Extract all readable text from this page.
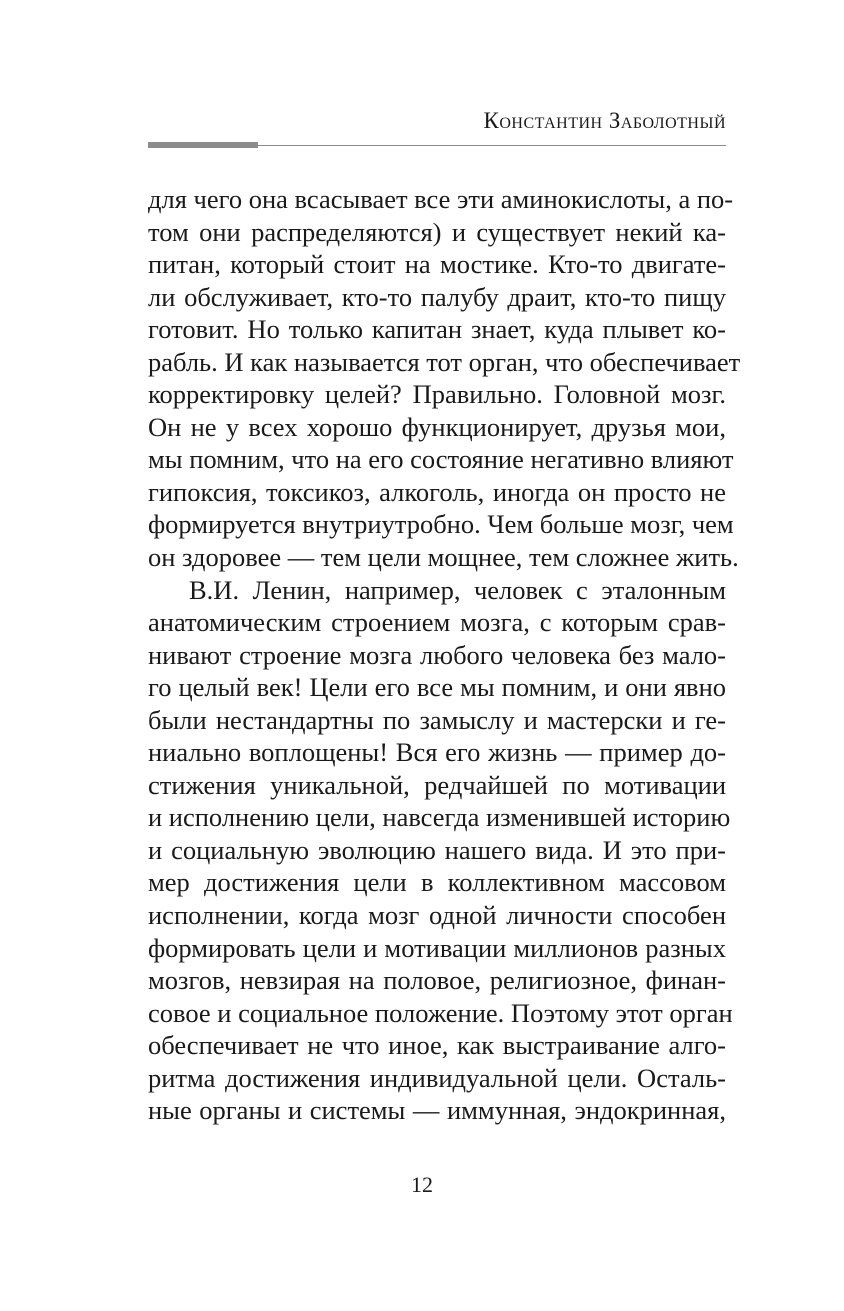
Константин Заболотный
для чего она всасывает все эти аминокислоты, а по-
том они распределяются) и существует некий ка-
питан, который стоит на мостике. Кто-то двигате-
ли обслуживает, кто-то палубу драит, кто-то пищу
готовит. Но только капитан знает, куда плывет ко-
рабль. И как называется тот орган, что обеспечивает
корректировку целей? Правильно. Головной мозг.
Он не у всех хорошо функционирует, друзья мои,
мы помним, что на его состояние негативно влияют
гипоксия, токсикоз, алкоголь, иногда он просто не
формируется внутриутробно. Чем больше мозг, чем
он здоровее — тем цели мощнее, тем сложнее жить.
В.И. Ленин, например, человек с эталонным
анатомическим строением мозга, с которым срав-
нивают строение мозга любого человека без мало-
го целый век! Цели его все мы помним, и они явно
были нестандартны по замыслу и мастерски и ге-
ниально воплощены! Вся его жизнь — пример до-
стижения уникальной, редчайшей по мотивации
и исполнению цели, навсегда изменившей историю
и социальную эволюцию нашего вида. И это при-
мер достижения цели в коллективном массовом
исполнении, когда мозг одной личности способен
формировать цели и мотивации миллионов разных
мозгов, невзирая на половое, религиозное, финан-
совое и социальное положение. Поэтому этот орган
обеспечивает не что иное, как выстраивание алго-
ритма достижения индивидуальной цели. Осталь-
ные органы и системы — иммунная, эндокринная,
12
